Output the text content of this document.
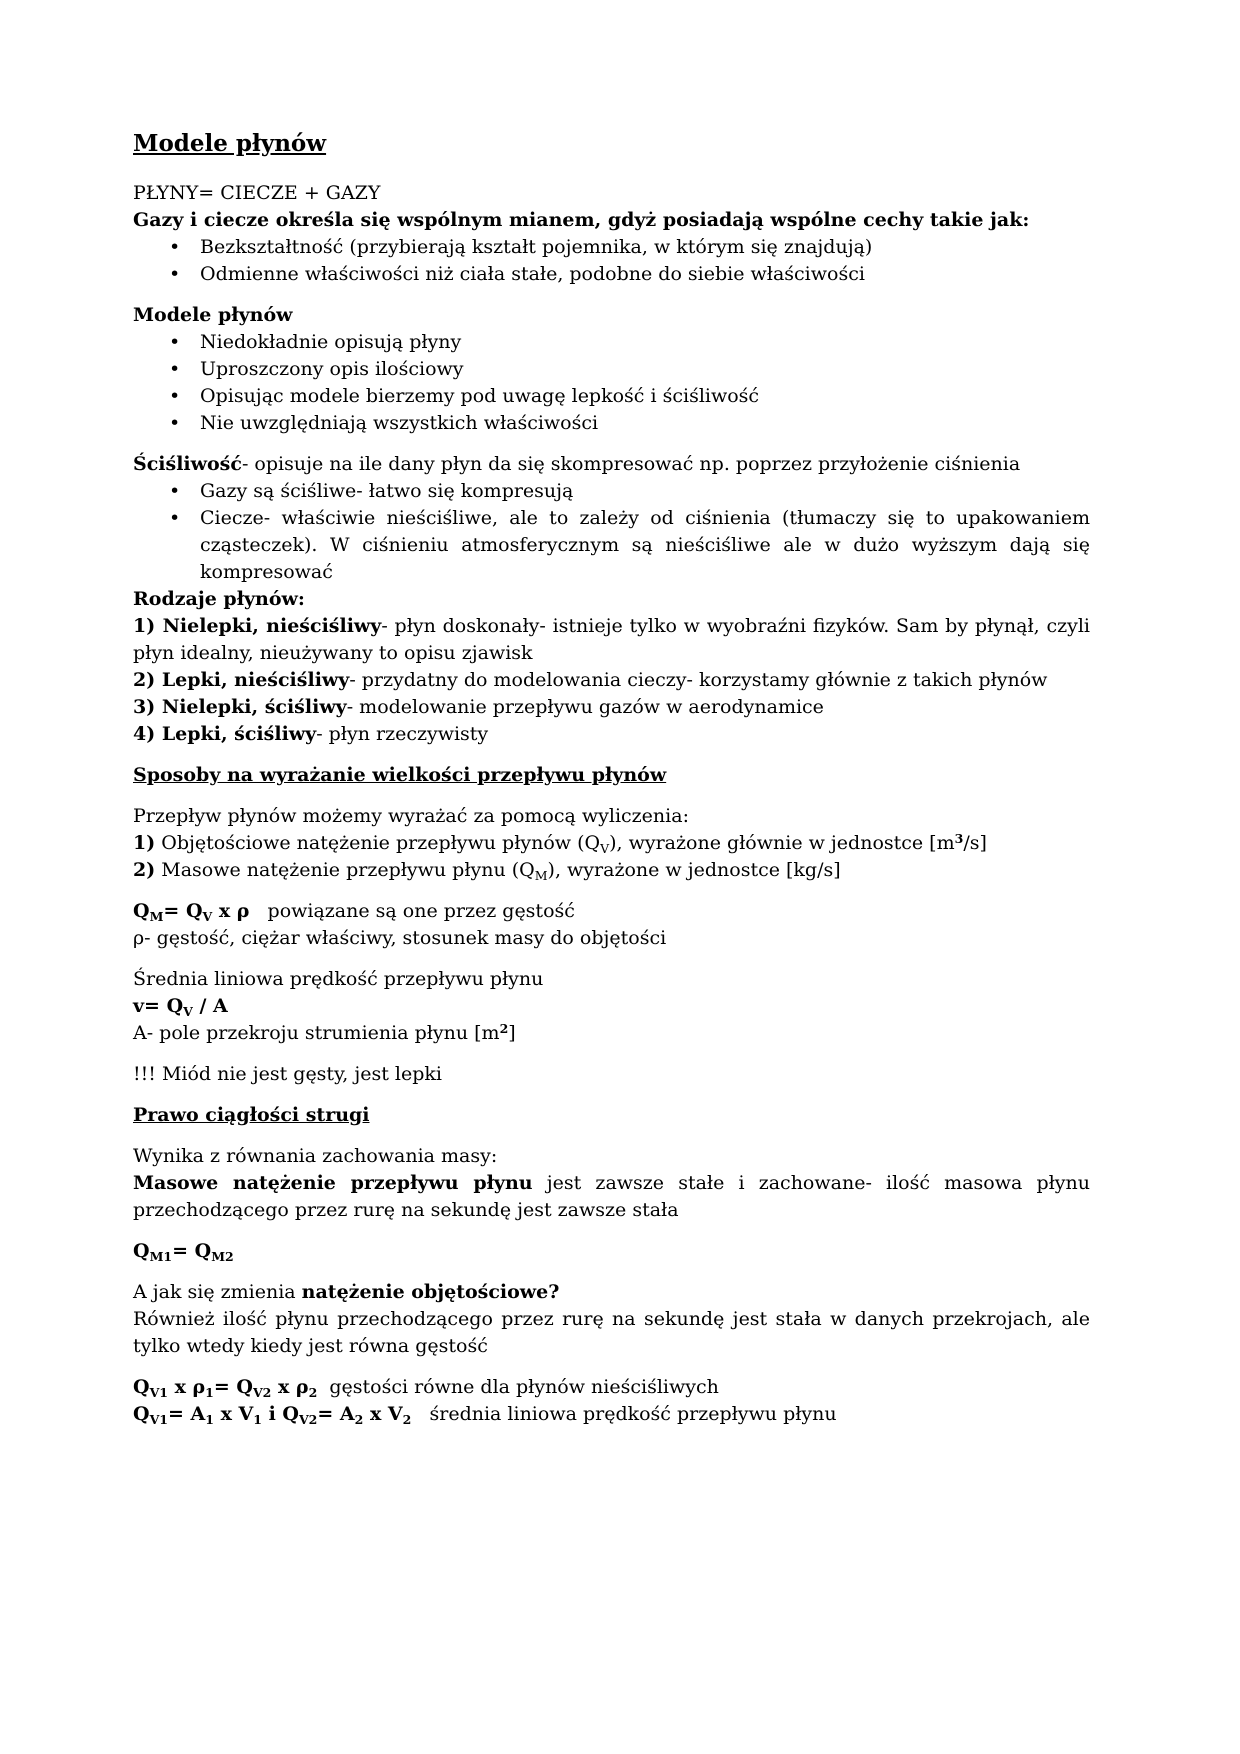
Modele płynów
PŁYNY= CIECZE + GAZY
Gazy i ciecze określa się wspólnym mianem, gdyż posiadają wspólne cechy takie jak:
• Bezkształtność (przybierają kształt pojemnika, w którym się znajdują)
• Odmienne właściwości niż ciała stałe, podobne do siebie właściwości
Modele płynów
• Niedokładnie opisują płyny
• Uproszczony opis ilościowy
• Opisując modele bierzemy pod uwagę lepkość i ściśliwość
• Nie uwzględniają wszystkich właściwości
Ściśliwość- opisuje na ile dany płyn da się skompresować np. poprzez przyłożenie ciśnienia
• Gazy są ściśliwe- łatwo się kompresują
• Ciecze- właściwie nieściśliwe, ale to zależy od ciśnienia (tłumaczy się to upakowaniem cząsteczek). W ciśnieniu atmosferycznym są nieściśliwe ale w dużo wyższym dają się kompresować
Rodzaje płynów:
1) Nielepki, nieściśliwy- płyn doskonały- istnieje tylko w wyobraźni fizyków. Sam by płynął, czyli płyn idealny, nieużywany to opisu zjawisk
2) Lepki, nieściśliwy- przydatny do modelowania cieczy- korzystamy głównie z takich płynów
3) Nielepki, ściśliwy- modelowanie przepływu gazów w aerodynamice
4) Lepki, ściśliwy- płyn rzeczywisty
Sposoby na wyrażanie wielkości przepływu płynów
Przepływ płynów możemy wyrażać za pomocą wyliczenia:
1) Objętościowe natężenie przepływu płynów $(Q_V)$, wyrażone głównie w jednostce $[m^3/s]$
2) Masowe natężenie przepływu płynu $(Q_M)$, wyrażone w jednostce [kg/s]
$Q_M= Q_V$ x ρ   powiązane są one przez gęstość
ρ- gęstość, ciężar właściwy, stosunek masy do objętości
Średnia liniowa prędkość przepływu płynu
$v= Q_V / A$
A- pole przekroju strumienia płynu $[m^2]$
!!! Miód nie jest gęsty, jest lepki
Prawo ciągłości strugi
Wynika z równania zachowania masy:
Masowe natężenie przepływu płynu jest zawsze stałe i zachowane- ilość masowa płynu przechodzącego przez rurę na sekundę jest zawsze stała
$Q_{M1}= Q_{M2}$
A jak się zmienia natężenie objętościowe?
Również ilość płynu przechodzącego przez rurę na sekundę jest stała w danych przekrojach, ale tylko wtedy kiedy jest równa gęstość
$Q_{V1}$ x $\rho_1= Q_{V2}$ x $\rho_2$  gęstości równe dla płynów nieściśliwych
$Q_{V1}= A_1$ x $V_1$ i $Q_{V2}= A_2$ x $V_2$   średnia liniowa prędkość przepływu płynu
